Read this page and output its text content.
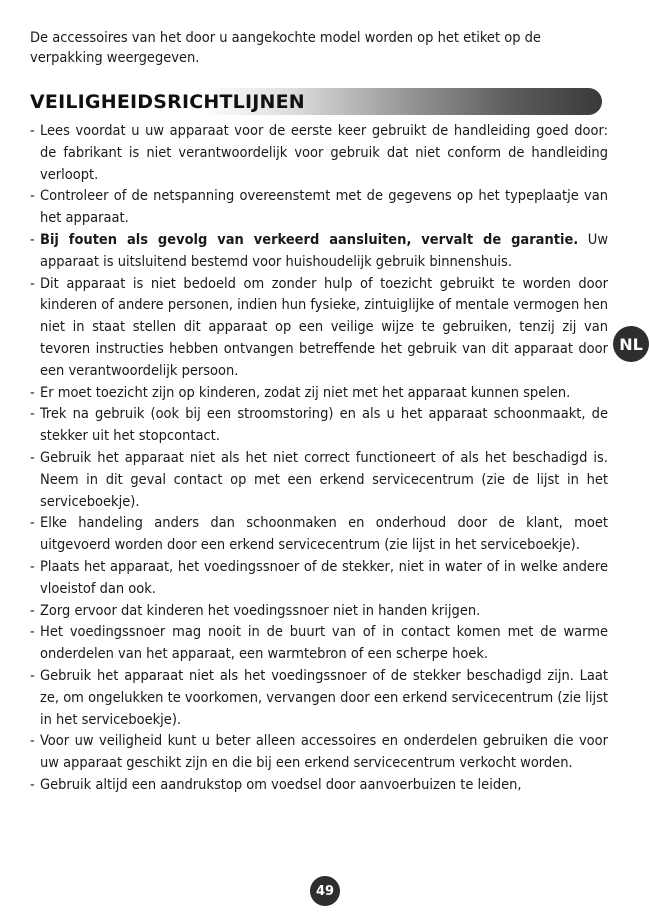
De accessoires van het door u aangekochte model worden op het etiket op de verpakking weergegeven.

VEILIGHEIDSRICHTLIJNEN
- Lees voordat u uw apparaat voor de eerste keer gebruikt de handleiding goed door: de fabrikant is niet verantwoordelijk voor gebruik dat niet conform de handleiding verloopt.
- Controleer of de netspanning overeenstemt met de gegevens op het typeplaatje van het apparaat.
- Bij fouten als gevolg van verkeerd aansluiten, vervalt de garantie. Uw apparaat is uitsluitend bestemd voor huishoudelijk gebruik binnenshuis.
- Dit apparaat is niet bedoeld om zonder hulp of toezicht gebruikt te worden door kinderen of andere personen, indien hun fysieke, zintuiglijke of mentale vermogen hen niet in staat stellen dit apparaat op een veilige wijze te gebruiken, tenzij zij van tevoren instructies hebben ontvangen betreffende het gebruik van dit apparaat door een verantwoordelijk persoon.
- Er moet toezicht zijn op kinderen, zodat zij niet met het apparaat kunnen spelen.
- Trek na gebruik (ook bij een stroomstoring) en als u het apparaat schoonmaakt, de stekker uit het stopcontact.
- Gebruik het apparaat niet als het niet correct functioneert of als het beschadigd is. Neem in dit geval contact op met een erkend servicecentrum (zie de lijst in het serviceboekje).
- Elke handeling anders dan schoonmaken en onderhoud door de klant, moet uitgevoerd worden door een erkend servicecentrum (zie lijst in het serviceboekje).
- Plaats het apparaat, het voedingssnoer of de stekker, niet in water of in welke andere vloeistof dan ook.
- Zorg ervoor dat kinderen het voedingssnoer niet in handen krijgen.
- Het voedingssnoer mag nooit in de buurt van of in contact komen met de warme onderdelen van het apparaat, een warmtebron of een scherpe hoek.
- Gebruik het apparaat niet als het voedingssnoer of de stekker beschadigd zijn. Laat ze, om ongelukken te voorkomen, vervangen door een erkend servicecentrum (zie lijst in het serviceboekje).
- Voor uw veiligheid kunt u beter alleen accessoires en onderdelen gebruiken die voor uw apparaat geschikt zijn en die bij een erkend servicecentrum verkocht worden.
- Gebruik altijd een aandrukstop om voedsel door aanvoerbuizen te leiden,
NL
49
